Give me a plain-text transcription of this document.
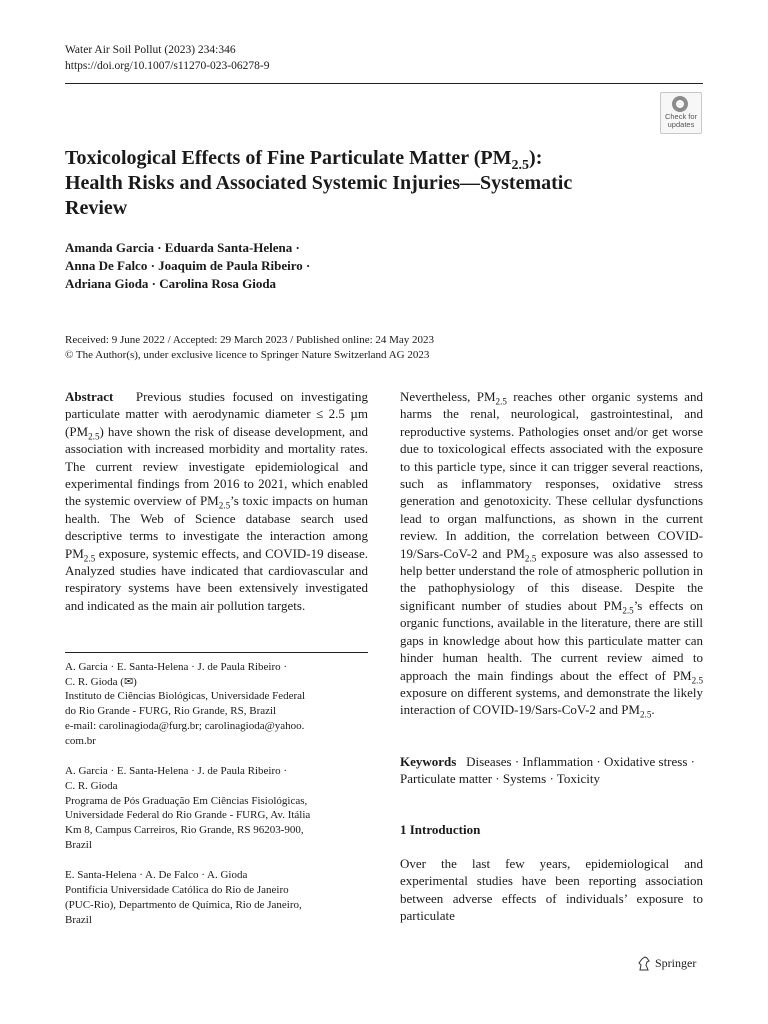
Water Air Soil Pollut (2023) 234:346
https://doi.org/10.1007/s11270-023-06278-9
Check for
updates
Toxicological Effects of Fine Particulate Matter $(PM_{2.5})$:
Health Risks and Associated Systemic Injuries—Systematic
Review
Amanda Garcia · Eduarda Santa-Helena ·
Anna De Falco · Joaquim de Paula Ribeiro ·
Adriana Gioda · Carolina Rosa Gioda
Received: 9 June 2022 / Accepted: 29 March 2023 / Published online: 24 May 2023
© The Author(s), under exclusive licence to Springer Nature Switzerland AG 2023

Abstract Previous studies focused on investigating particulate matter with aerodynamic diameter ≤ 2.5 µm $(PM_{2.5})$ have shown the risk of disease development, and association with increased morbidity and mortality rates. The current review investigate epidemiological and experimental findings from 2016 to 2021, which enabled the systemic overview of $PM_{2.5}’s$ toxic impacts on human health. The Web of Science database search used descriptive terms to investigate the interaction among $PM_{2.5}$ exposure, systemic effects, and COVID-19 disease. Analyzed studies have indicated that cardiovascular and respiratory systems have been extensively investigated and indicated as the main air pollution targets.

A. Garcia · E. Santa-Helena · J. de Paula Ribeiro ·

C. R. Gioda (✉)

Instituto de Ciências Biológicas, Universidade Federal

do Rio Grande - FURG, Rio Grande, RS, Brazil

e-mail: carolinagioda@furg.br; carolinagioda@yahoo.

com.br

A. Garcia · E. Santa-Helena · J. de Paula Ribeiro ·

C. R. Gioda

Programa de Pós Graduação Em Ciências Fisiológicas,

Universidade Federal do Rio Grande - FURG, Av. Itália

Km 8, Campus Carreiros, Rio Grande, RS 96203-900,

Brazil

E. Santa-Helena · A. De Falco · A. Gioda

Pontifícia Universidade Católica do Rio de Janeiro

(PUC-Rio), Departmento de Química, Rio de Janeiro,

Brazil

Nevertheless, $PM_{2.5}$ reaches other organic systems and harms the renal, neurological, gastrointestinal, and reproductive systems. Pathologies onset and/or get worse due to toxicological effects associated with the exposure to this particle type, since it can trigger several reactions, such as inflammatory responses, oxidative stress generation and genotoxicity. These cellular dysfunctions lead to organ malfunctions, as shown in the current review. In addition, the correlation between COVID-19/Sars-CoV-2 and $PM_{2.5}$ exposure was also assessed to help better understand the role of atmospheric pollution in the pathophysiology of this disease. Despite the significant number of studies about $PM_{2.5}’s$ effects on organic functions, available in the literature, there are still gaps in knowledge about how this particulate matter can hinder human health. The current review aimed to approach the main findings about the effect of $PM_{2.5}$ exposure on different systems, and demonstrate the likely interaction of COVID-19/Sars-CoV-2 and $PM_{2.5}$.

Keywords Diseases · Inflammation · Oxidative stress · Particulate matter · Systems · Toxicity
1 Introduction

Over the last few years, epidemiological and experimental studies have been reporting association between adverse effects of individuals’ exposure to particulate

Springer
